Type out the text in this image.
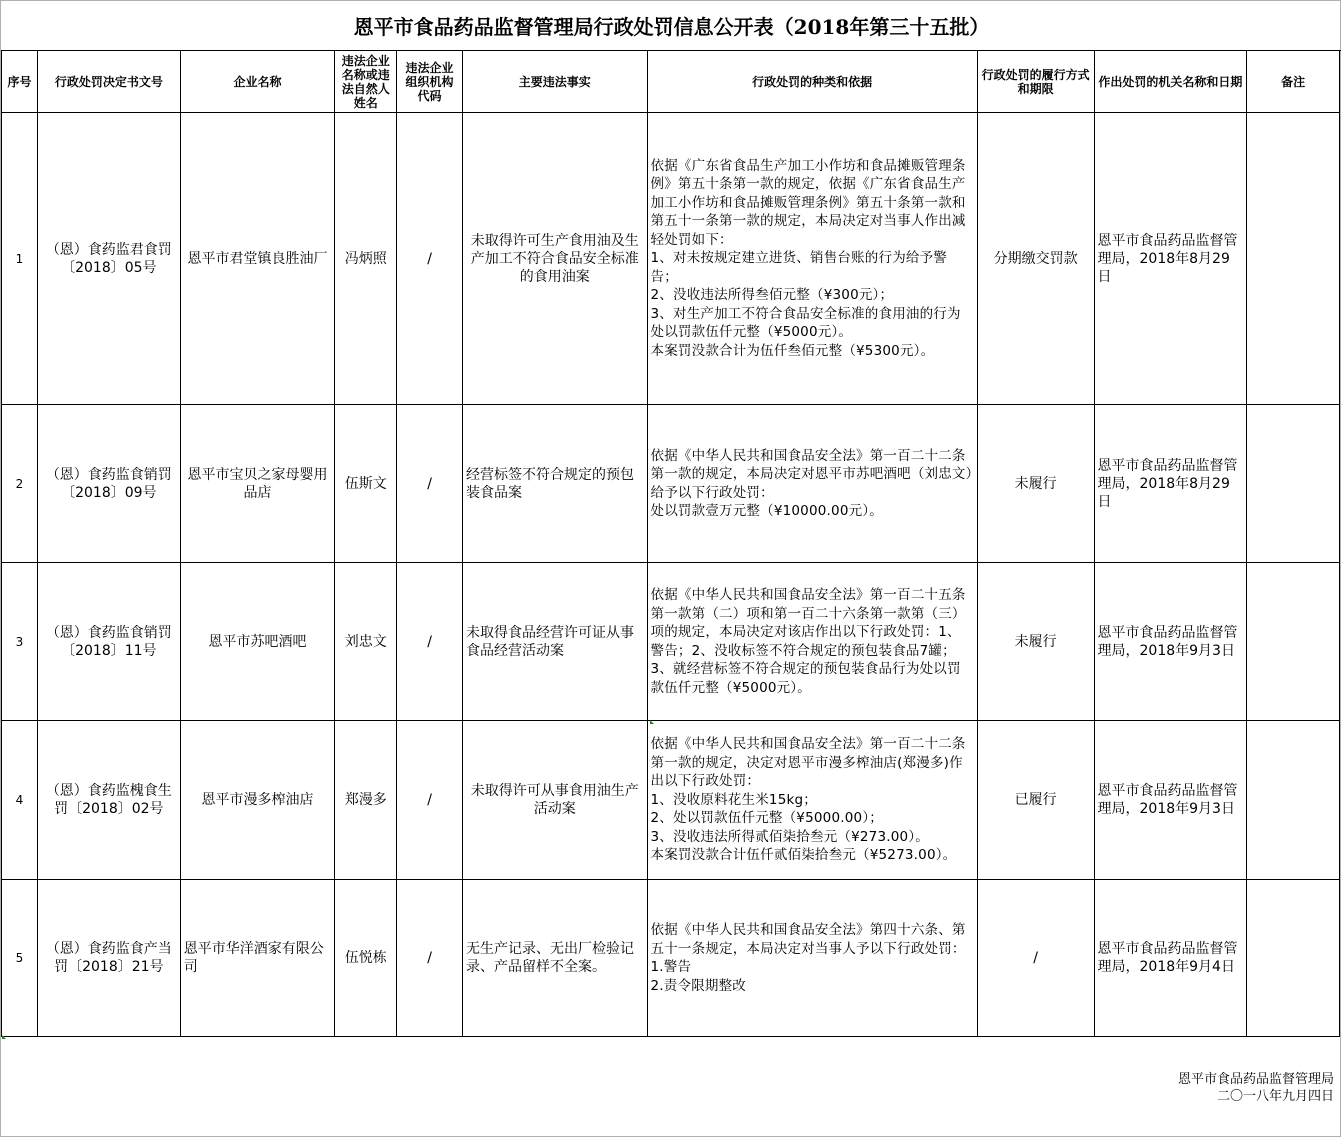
恩平市食品药品监督管理局行政处罚信息公开表（2018年第三十五批）
序号	行政处罚决定书文号	企业名称	违法企业名称或违法自然人姓名	违法企业组织机构代码	主要违法事实	行政处罚的种类和依据	行政处罚的履行方式和期限	作出处罚的机关名称和日期	备注
1	（恩）食药监君食罚〔2018〕05号	恩平市君堂镇良胜油厂	冯炳照	/	未取得许可生产食用油及生产加工不符合食品安全标准的食用油案	依据《广东省食品生产加工小作坊和食品摊贩管理条例》第五十条第一款的规定，依据《广东省食品生产加工小作坊和食品摊贩管理条例》第五十条第一款和第五十一条第一款的规定，本局决定对当事人作出减轻处罚如下：
1、对未按规定建立进货、销售台账的行为给予警告；
2、没收违法所得叁佰元整（¥300元）；
3、对生产加工不符合食品安全标准的食用油的行为处以罚款伍仟元整（¥5000元）。
本案罚没款合计为伍仟叁佰元整（¥5300元）。	分期缴交罚款	恩平市食品药品监督管理局，2018年8月29日	
2	（恩）食药监食销罚〔2018〕09号	恩平市宝贝之家母婴用品店	伍斯文	/	经营标签不符合规定的预包装食品案	依据《中华人民共和国食品安全法》第一百二十二条第一款的规定，本局决定对恩平市苏吧酒吧（刘忠文）给予以下行政处罚：
处以罚款壹万元整（¥10000.00元）。	未履行	恩平市食品药品监督管理局，2018年8月29日	
3	（恩）食药监食销罚〔2018〕11号	恩平市苏吧酒吧	刘忠文	/	未取得食品经营许可证从事食品经营活动案	依据《中华人民共和国食品安全法》第一百二十五条第一款第（二）项和第一百二十六条第一款第（三）项的规定，本局决定对该店作出以下行政处罚：1、警告；2、没收标签不符合规定的预包装食品7罐；3、就经营标签不符合规定的预包装食品行为处以罚款伍仟元整（¥5000元）。	未履行	恩平市食品药品监督管理局，2018年9月3日	
4	（恩）食药监槐食生罚〔2018〕02号	恩平市漫多榨油店	郑漫多	/	未取得许可从事食用油生产活动案	依据《中华人民共和国食品安全法》第一百二十二条第一款的规定，决定对恩平市漫多榨油店(郑漫多)作出以下行政处罚：
1、没收原料花生米15kg；
2、处以罚款伍仟元整（¥5000.00）；
3、没收违法所得贰佰柒拾叁元（¥273.00）。
本案罚没款合计伍仟贰佰柒拾叁元（¥5273.00）。	已履行	恩平市食品药品监督管理局，2018年9月3日	
5	（恩）食药监食产当罚〔2018〕21号	恩平市华洋酒家有限公司	伍悦栋	/	无生产记录、无出厂检验记录、产品留样不全案。	依据《中华人民共和国食品安全法》第四十六条、第五十一条规定，本局决定对当事人予以下行政处罚：
1.警告
2.责令限期整改	/	恩平市食品药品监督管理局，2018年9月4日	
恩平市食品药品监督管理局
二〇一八年九月四日
